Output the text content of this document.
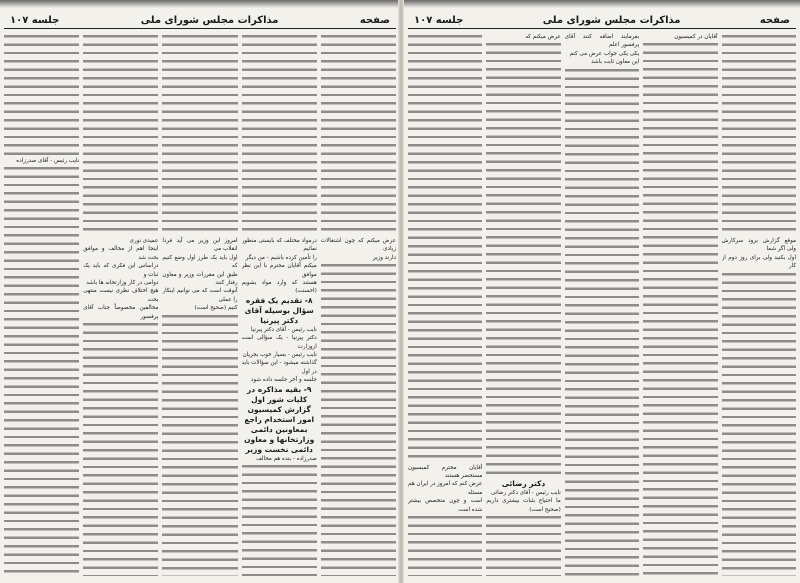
صفحه
مذاکرات مجلس شورای ملی
جلسه ۱۰۷

عرض میکنم که چون اشتغالات زیادی

دارند وزیر

درمواد مختلف که بایستی منظور نمائیم

را تأمین کرده باشیم - من دیگر

میکنم آقایان محترم با این نظر موافق

هستند که وارد مواد بشویم (احسنت)

۸- تقدیم یک فقره سؤال بوسیله آقای دکتر پیرنیا

نایب رئیس - آقای دکتر پیرنیا

دکتر پیرنیا - یک سؤالی است ازوزارت

نایب رئیس - بسیار خوب بجریان

گذاشته میشود - این سؤالات باید در اول

جلسه و آخر جلسه داده شود

۹- بقیه مذاکره در کلیات شور اول گزارش کمیسیون امور استخدام راجع بمعاونین دائمی وزارتخانها و معاون دائمی نخست وزیر

صدرزاده - بنده هم مخالف

امروز این وزیر می آید فردا انقلاب می

اول باید یک طرز اول وضع کنیم که

طبق این مقررات وزیر و معاون رفتار کنند

آنوقت است که می توانیم اینکار را عملی

کنیم (صحیح است)

عمیدی نوری

اینجا اهم از مخالف و موافق بحث شد

دراساس این فکری که باید یک ثبات و

دوامی در کار وزارتخانه ها باشد

هیچ اختلاف نظری نیست منتهی بحث

مخالفین مخصوصاً جناب آقای پرفسور

نایب رئیس - آقای صدرزاده

صفحه
مذاکرات مجلس شورای ملی
جلسه ۱۰۷

موقع گزارش برود سرکارش ولی اگر شما

اول بکنید ولی برای روز دوم از کار

آقایان در کمیسیون

بفرمایند اضافه کنند آقای پرفسور اعلم

یکی یکی جواب عرض می کنم

این معاون ثابت باشد

عرض میکنم که

دکتر رضائی

نایب رئیس - آقای دکتر رضائی

ما احتیاج بثبات بیشتری داریم (صحیح است)

آقایان محترم کمیسیون مستحضر هستند

عرض کنم که امروز در ایران هم مسئله

است و چون متخصص بیشتر شده است
